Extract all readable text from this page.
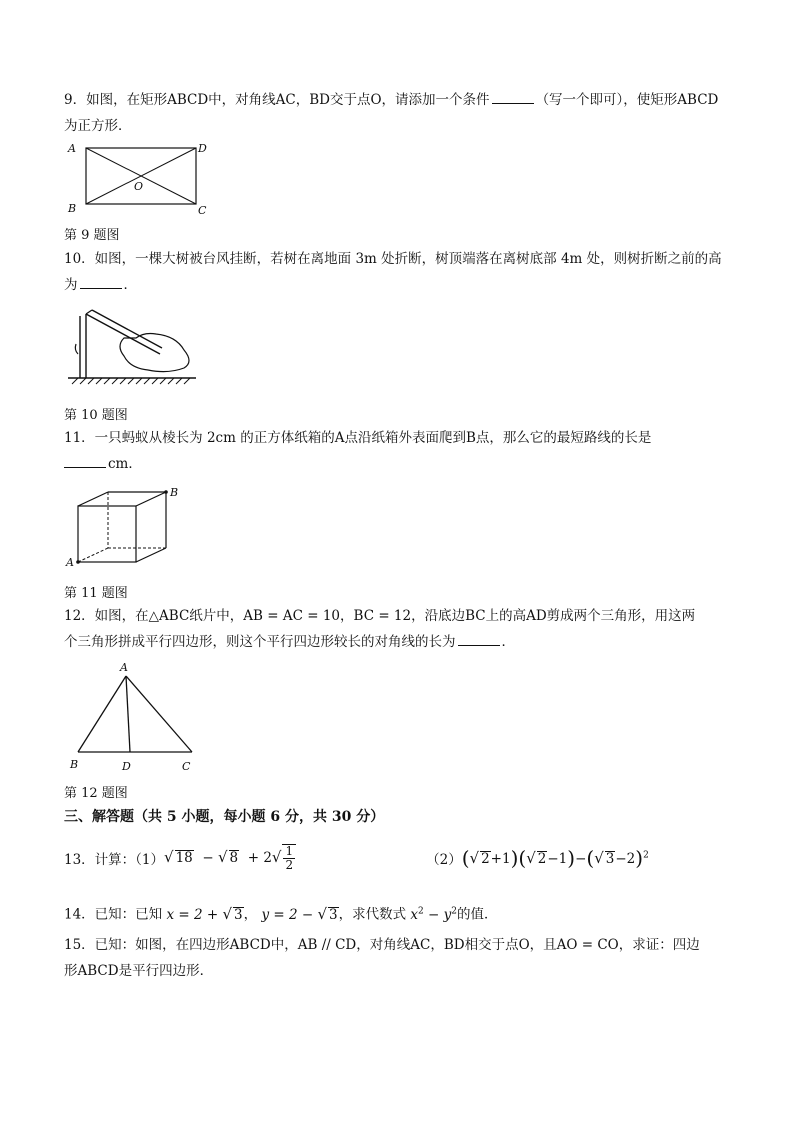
9．如图，在矩形ABCD中，对角线AC，BD交于点O，请添加一个条件	（写一个即可），使矩形ABCD
为正方形．
A	D
B	C
O
第 9 题图
10．如图，一棵大树被台风挂断，若树在离地面 3m 处折断，树顶端落在离树底部 4m 处，则树折断之前的高
为	．
第 10 题图
11．一只蚂蚁从棱长为 2cm 的正方体纸箱的A点沿纸箱外表面爬到B点，那么它的最短路线的长是
cm．
A
B
第 11 题图
12．如图，在△ABC纸片中，AB = AC = 10，BC = 12，沿底边BC上的高AD剪成两个三角形，用这两
个三角形拼成平行四边形，则这个平行四边形较长的对角线的长为	．
A
B	D	C
第 12 题图
三、解答题（共 5 小题，每小题 6 分，共 30 分）
13．计算：（1） √ 18  − √ $8 + 2√ \frac{1}{2}$	（2） (√ 2+1)(√ 2−1)−(√ 3−2)$^2$
14．已知：已知 x = 2 + √ 3， y = 2 − √ 3，求代数式 $x^2 - y^2$的值．
15．已知：如图，在四边形ABCD中，AB // CD，对角线AC，BD相交于点O，且AO = CO，求证：四边
形ABCD是平行四边形．
